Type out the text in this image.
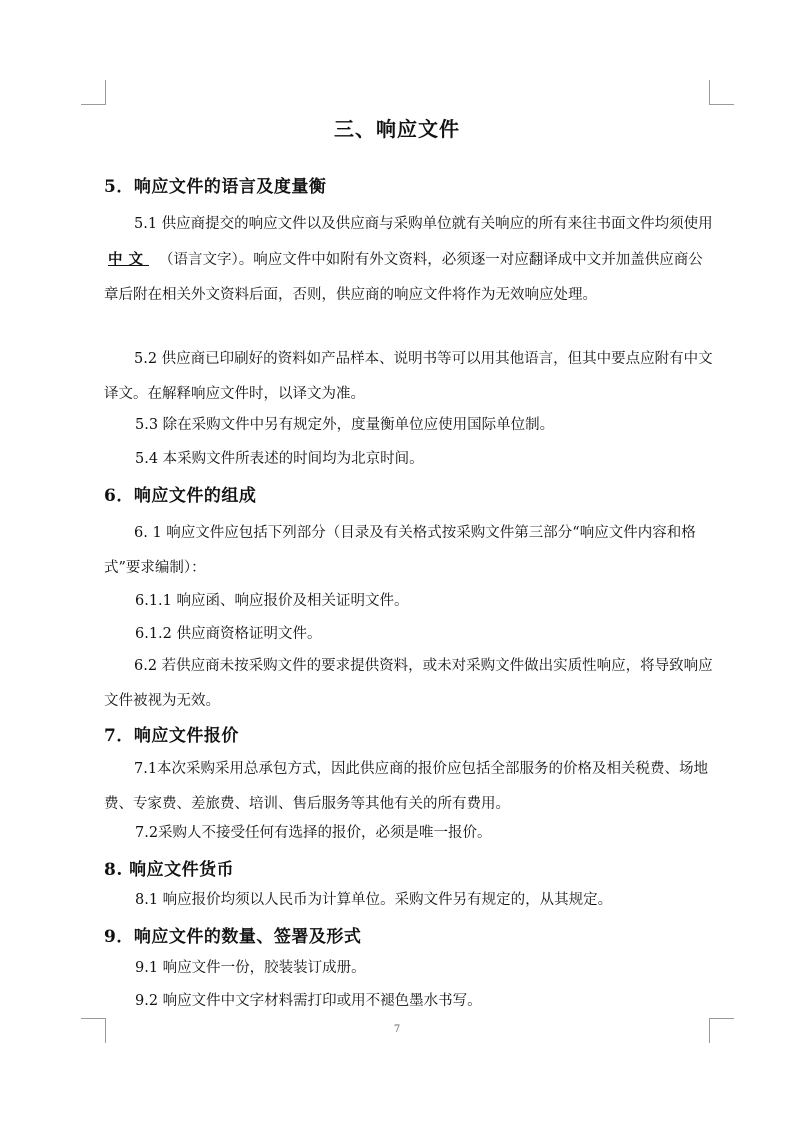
三、响应文件
5．响应文件的语言及度量衡

5.1 供应商提交的响应文件以及供应商与采购单位就有关响应的所有来往书面文件均须使用中文 （语言文字）。响应文件中如附有外文资料，必须逐一对应翻译成中文并加盖供应商公章后附在相关外文资料后面，否则，供应商的响应文件将作为无效响应处理。

5.2 供应商已印刷好的资料如产品样本、说明书等可以用其他语言，但其中要点应附有中文译文。在解释响应文件时，以译文为准。

5.3 除在采购文件中另有规定外，度量衡单位应使用国际单位制。

5.4 本采购文件所表述的时间均为北京时间。

6．响应文件的组成

6. 1 响应文件应包括下列部分（目录及有关格式按采购文件第三部分“响应文件内容和格式”要求编制）：

6.1.1 响应函、响应报价及相关证明文件。

6.1.2 供应商资格证明文件。

6.2 若供应商未按采购文件的要求提供资料，或未对采购文件做出实质性响应，将导致响应文件被视为无效。

7．响应文件报价

7.1本次采购采用总承包方式，因此供应商的报价应包括全部服务的价格及相关税费、场地费、专家费、差旅费、培训、售后服务等其他有关的所有费用。

7.2采购人不接受任何有选择的报价，必须是唯一报价。

8. 响应文件货币

8.1 响应报价均须以人民币为计算单位。采购文件另有规定的，从其规定。

9．响应文件的数量、签署及形式

9.1 响应文件一份，胶装装订成册。

9.2 响应文件中文字材料需打印或用不褪色墨水书写。

7
